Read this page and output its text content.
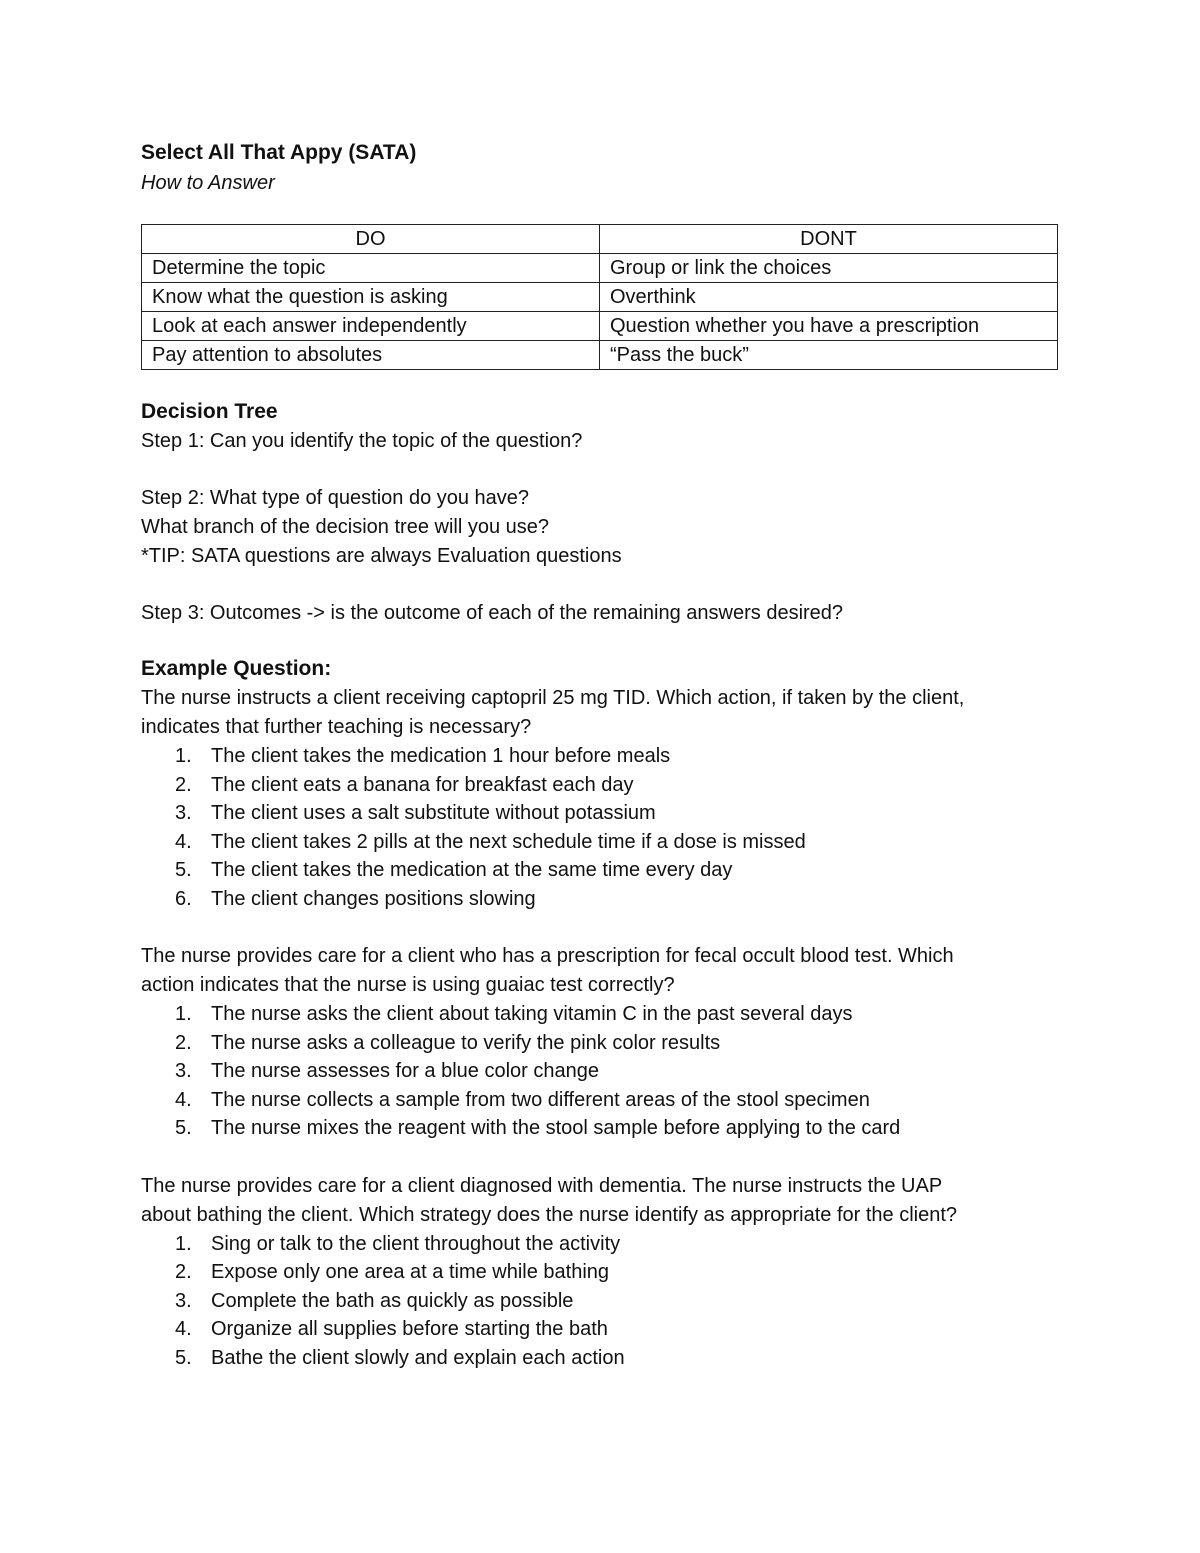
Select All That Appy (SATA)

How to Answer

DO	DONT
Determine the topic	Group or link the choices
Know what the question is asking	Overthink
Look at each answer independently	Question whether you have a prescription
Pay attention to absolutes	“Pass the buck”

Decision Tree

Step 1: Can you identify the topic of the question?

Step 2: What type of question do you have?

What branch of the decision tree will you use?

*TIP: SATA questions are always Evaluation questions

Step 3: Outcomes -> is the outcome of each of the remaining answers desired?

Example Question:

The nurse instructs a client receiving captopril 25 mg TID. Which action, if taken by the client,

indicates that further teaching is necessary?

1. The client takes the medication 1 hour before meals
2. The client eats a banana for breakfast each day
3. The client uses a salt substitute without potassium
4. The client takes 2 pills at the next schedule time if a dose is missed
5. The client takes the medication at the same time every day
6. The client changes positions slowing

The nurse provides care for a client who has a prescription for fecal occult blood test. Which

action indicates that the nurse is using guaiac test correctly?

1. The nurse asks the client about taking vitamin C in the past several days
2. The nurse asks a colleague to verify the pink color results
3. The nurse assesses for a blue color change
4. The nurse collects a sample from two different areas of the stool specimen
5. The nurse mixes the reagent with the stool sample before applying to the card

The nurse provides care for a client diagnosed with dementia. The nurse instructs the UAP

about bathing the client. Which strategy does the nurse identify as appropriate for the client?

1. Sing or talk to the client throughout the activity
2. Expose only one area at a time while bathing
3. Complete the bath as quickly as possible
4. Organize all supplies before starting the bath
5. Bathe the client slowly and explain each action
